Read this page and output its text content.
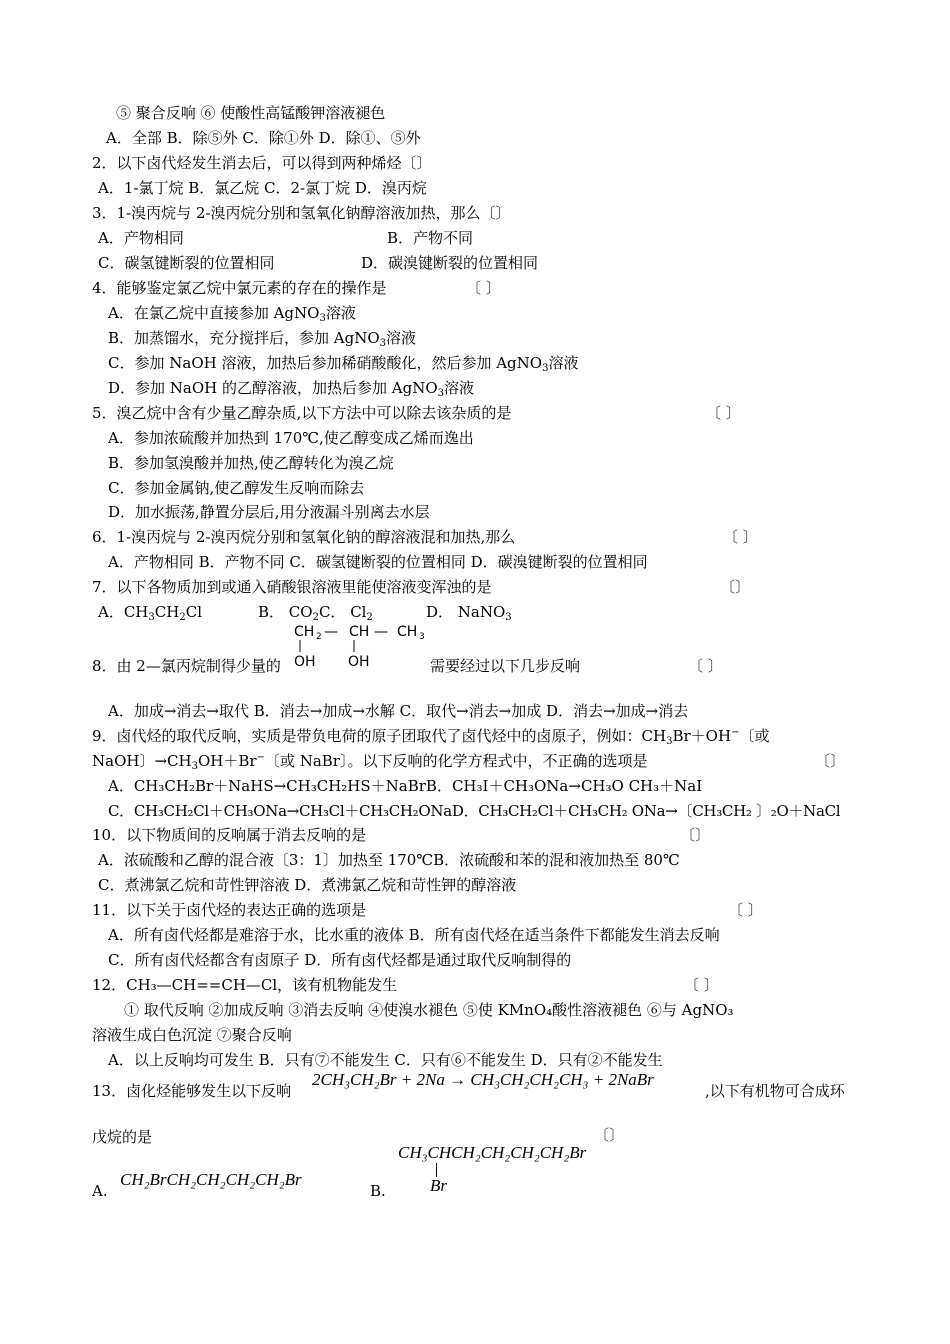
⑤ 聚合反响 ⑥ 使酸性高锰酸钾溶液褪色
A．全部 B．除⑤外 C．除①外 D．除①、⑤外
2．以下卤代烃发生消去后，可以得到两种烯烃〔〕
A．1-氯丁烷 B．氯乙烷 C．2-氯丁烷 D．溴丙烷
3．1-溴丙烷与 2-溴丙烷分别和氢氧化钠醇溶液加热，那么〔〕
A．产物相同	B．产物不同
C．碳氢键断裂的位置相同	D．碳溴键断裂的位置相同
4．能够鉴定氯乙烷中氯元素的存在的操作是	〔 〕
A．在氯乙烷中直接参加 AgNO$_3$溶液
B．加蒸馏水，充分搅拌后，参加 AgNO$_3$溶液
C．参加 NaOH 溶液，加热后参加稀硝酸酸化，然后参加 AgNO$_3$溶液
D．参加 NaOH 的乙醇溶液，加热后参加 AgNO$_3$溶液
5．溴乙烷中含有少量乙醇杂质,以下方法中可以除去该杂质的是	〔 〕
A．参加浓硫酸并加热到 170℃,使乙醇变成乙烯而逸出
B．参加氢溴酸并加热,使乙醇转化为溴乙烷
C．参加金属钠,使乙醇发生反响而除去
D．加水振荡,静置分层后,用分液漏斗别离去水层
6．1-溴丙烷与 2-溴丙烷分别和氢氧化钠的醇溶液混和加热,那么	〔 〕
A．产物相同 B．产物不同 C．碳氢键断裂的位置相同 D．碳溴键断裂的位置相同
7．以下各物质加到或通入硝酸银溶液里能使溶液变浑浊的是	〔〕
A．$CH_3CH_2Cl$	B． $CO_2C$． $Cl_2$	D． NaNO$_3$
8．由 2—氯丙烷制得少量的
CH 2 — CH — CH 3
OH OH	需要经过以下几步反响	〔 〕
A．加成→消去→取代 B．消去→加成→水解 C．取代→消去→加成 D．消去→加成→消去
9．卤代烃的取代反响，实质是带负电荷的原子团取代了卤代烃中的卤原子，例如：$CH_3Br+OH^-$〔或
NaOH〕$\to CH_3OH+Br^-$〔或 NaBr〕。以下反响的化学方程式中，不正确的选项是	〔〕
A．CH₃CH₂Br＋NaHS→CH₃CH₂HS＋NaBrB．CH₃I＋CH₃ONa→CH₃O CH₃＋NaI
C．CH₃CH₂Cl＋CH₃ONa→CH₃Cl＋CH₃CH₂ONaD．CH₃CH₂Cl＋CH₃CH₂ ONa→〔CH₃CH₂ 〕₂O＋NaCl
10．以下物质间的反响属于消去反响的是	〔〕
A．浓硫酸和乙醇的混合液〔3：1〕加热至 170℃B．浓硫酸和苯的混和液加热至 80℃
C．煮沸氯乙烷和苛性钾溶液 D．煮沸氯乙烷和苛性钾的醇溶液
11．以下关于卤代烃的表达正确的选项是	〔 〕
A．所有卤代烃都是难溶于水，比水重的液体 B．所有卤代烃在适当条件下都能发生消去反响
C．所有卤代烃都含有卤原子 D．所有卤代烃都是通过取代反响制得的
12．CH₃—CH==CH—Cl，该有机物能发生	〔 〕
① 取代反响 ②加成反响 ③消去反响 ④使溴水褪色 ⑤使 KMnO₄酸性溶液褪色 ⑥与 AgNO₃
溶液生成白色沉淀 ⑦聚合反响
A．以上反响均可发生 B．只有⑦不能发生 C．只有⑥不能发生 D．只有②不能发生
13．卤化烃能够发生以下反响
2CH₃CH₂Br + 2Na → CH₃CH₂CH₂CH₃ + 2NaBr
,以下有机物可合成环
戊烷的是	〔〕
A.
CH₂BrCH₂CH₂CH₂CH₂Br
B.
CH₃CHCH₂CH₂CH₂CH₂Br
Br
